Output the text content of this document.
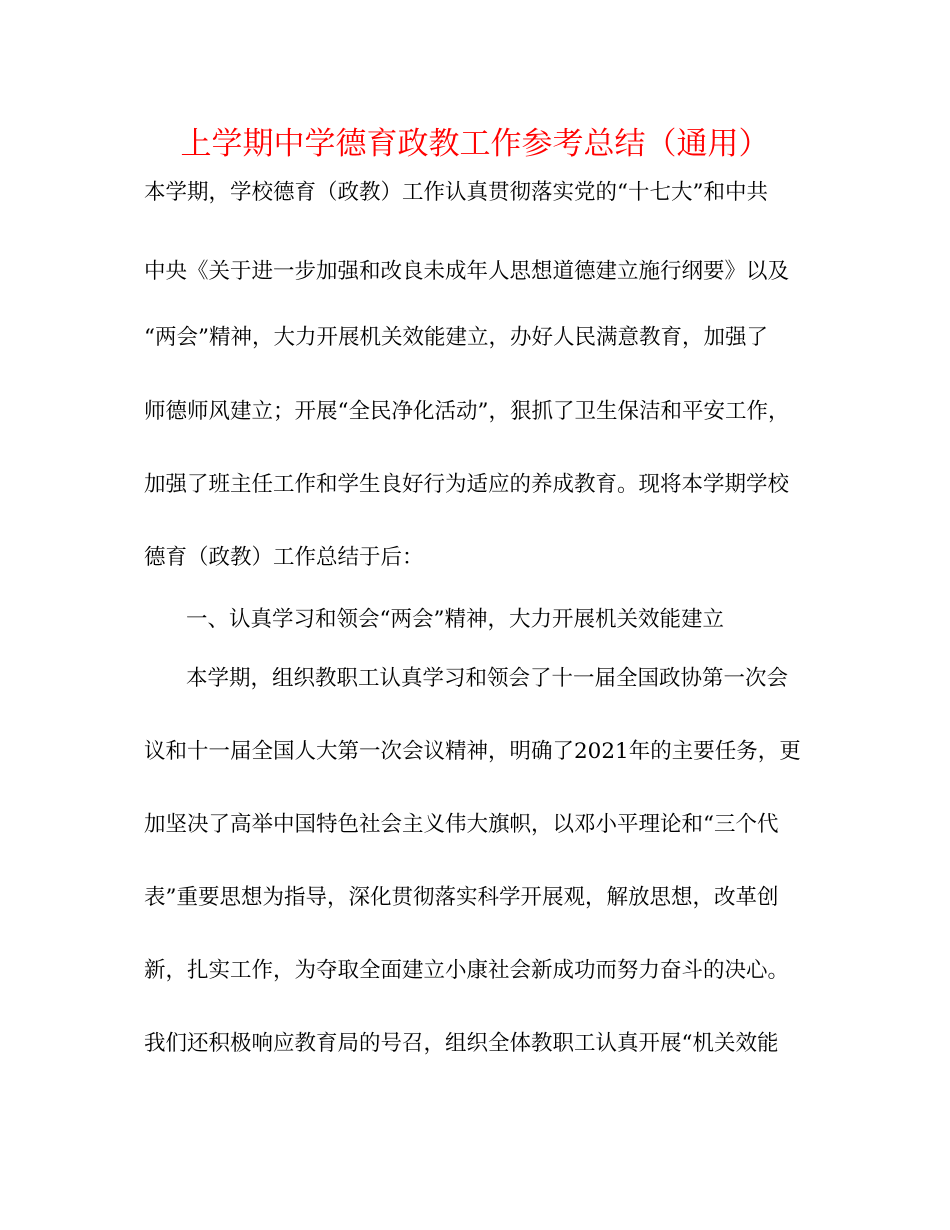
上学期中学德育政教工作参考总结（通用）
本学期，学校德育（政教）工作认真贯彻落实党的“十七大”和中共
中央《关于进一步加强和改良未成年人思想道德建立施行纲要》以及
“两会”精神，大力开展机关效能建立，办好人民满意教育，加强了
师德师风建立；开展“全民净化活动”，狠抓了卫生保洁和平安工作，
加强了班主任工作和学生良好行为适应的养成教育。现将本学期学校
德育（政教）工作总结于后：
一、认真学习和领会“两会”精神，大力开展机关效能建立
本学期，组织教职工认真学习和领会了十一届全国政协第一次会
议和十一届全国人大第一次会议精神，明确了2021年的主要任务，更
加坚决了高举中国特色社会主义伟大旗帜，以邓小平理论和“三个代
表”重要思想为指导，深化贯彻落实科学开展观，解放思想，改革创
新，扎实工作，为夺取全面建立小康社会新成功而努力奋斗的决心。
我们还积极响应教育局的号召，组织全体教职工认真开展“机关效能
